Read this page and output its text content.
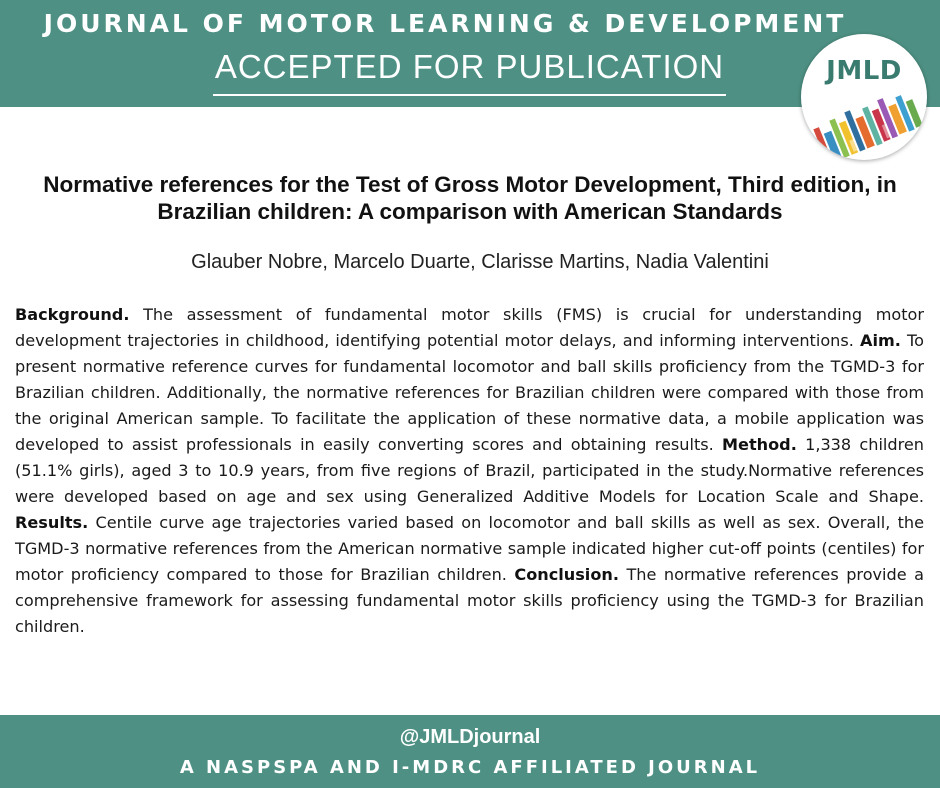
JOURNAL OF MOTOR LEARNING & DEVELOPMENT
ACCEPTED FOR PUBLICATION	JMLD
Normative references for the Test of Gross Motor Development, Third edition, in Brazilian children: A comparison with American Standards
Glauber Nobre, Marcelo Duarte, Clarisse Martins, Nadia Valentini
Background. The assessment of fundamental motor skills (FMS) is crucial for understanding motor development trajectories in childhood, identifying potential motor delays, and informing interventions. Aim. To present normative reference curves for fundamental locomotor and ball skills proficiency from the TGMD-3 for Brazilian children. Additionally, the normative references for Brazilian children were compared with those from the original American sample. To facilitate the application of these normative data, a mobile application was developed to assist professionals in easily converting scores and obtaining results. Method. 1,338 children (51.1% girls), aged 3 to 10.9 years, from five regions of Brazil, participated in the study.Normative references were developed based on age and sex using Generalized Additive Models for Location Scale and Shape. Results. Centile curve age trajectories varied based on locomotor and ball skills as well as sex. Overall, the TGMD-3 normative references from the American normative sample indicated higher cut-off points (centiles) for motor proficiency compared to those for Brazilian children. Conclusion. The normative references provide a comprehensive framework for assessing fundamental motor skills proficiency using the TGMD-3 for Brazilian children.
@JMLDjournal
A NASPSPA AND I-MDRC AFFILIATED JOURNAL
